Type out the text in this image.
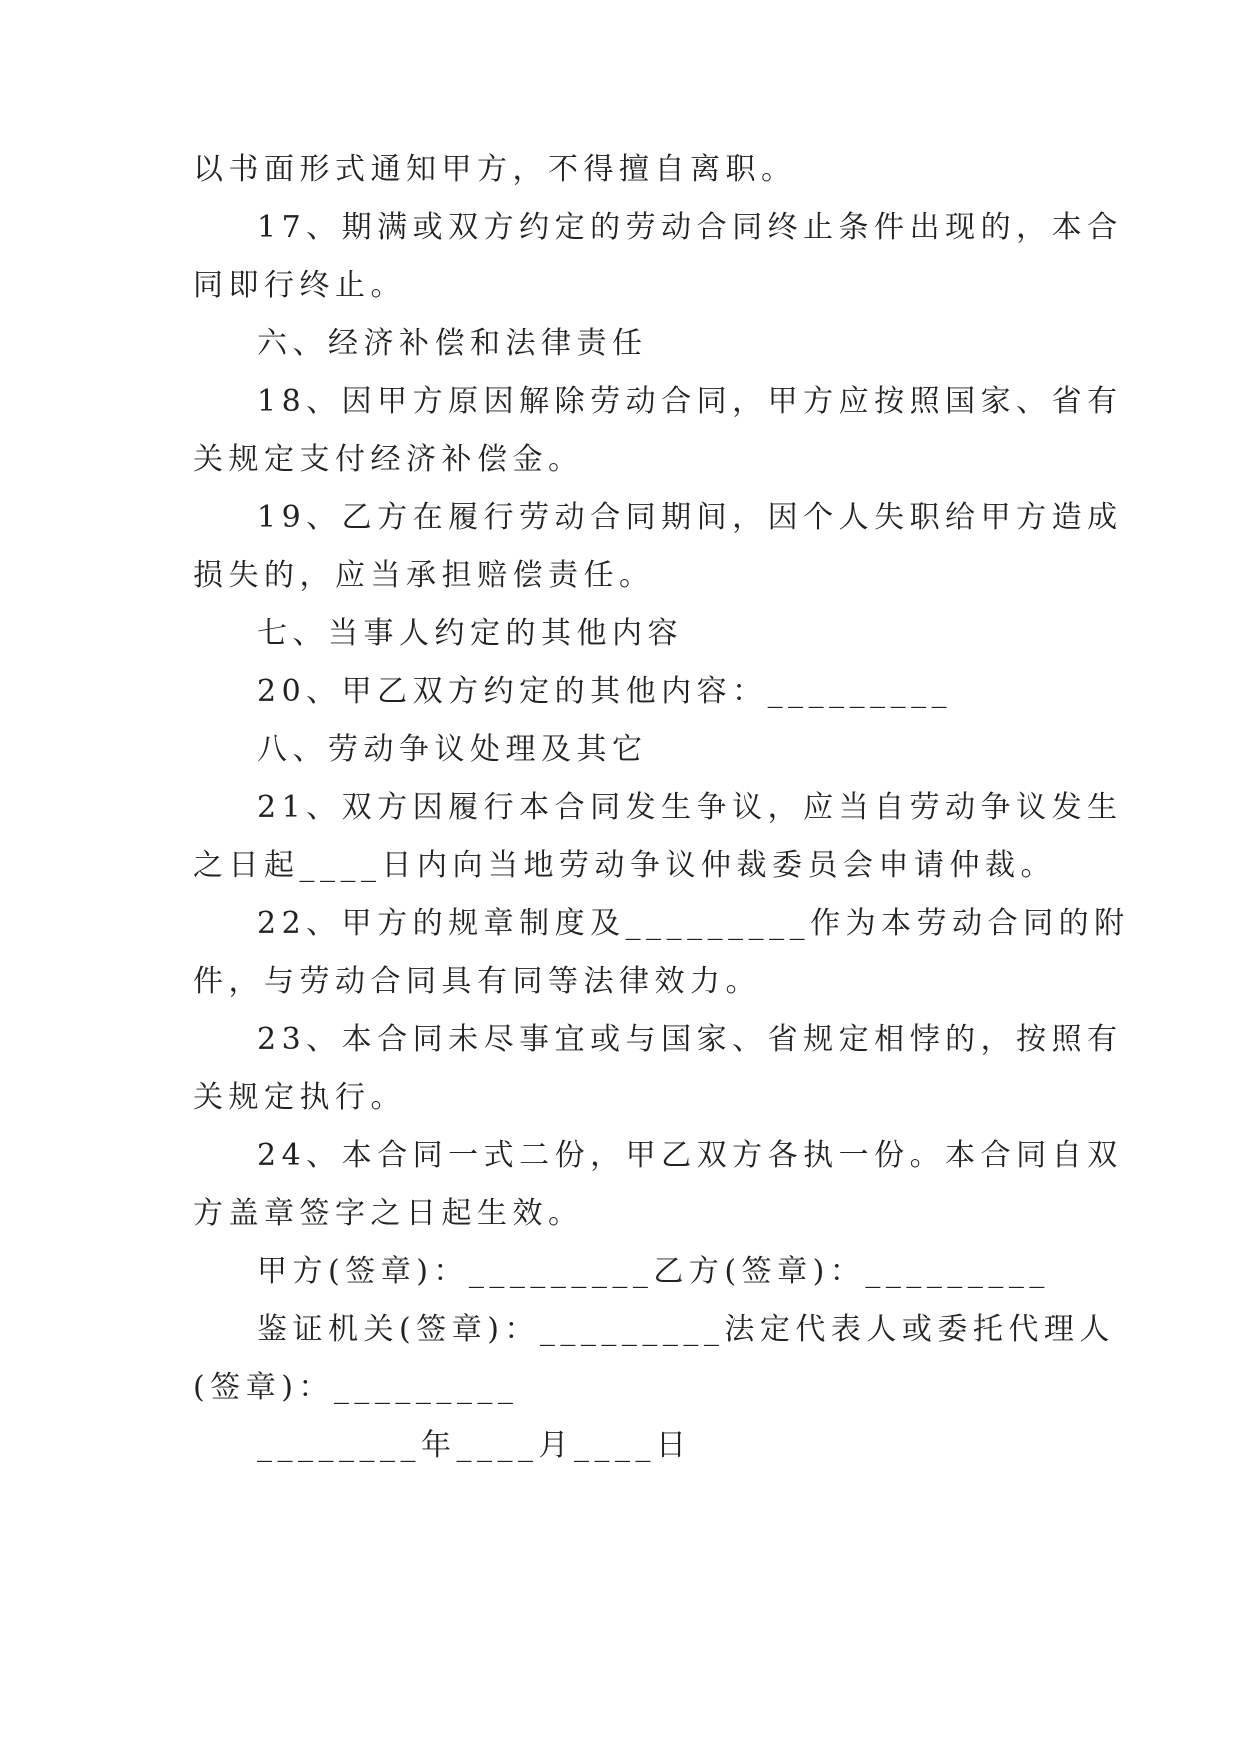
以书面形式通知甲方，不得擅自离职。
17、期满或双方约定的劳动合同终止条件出现的，本合
同即行终止。
六、经济补偿和法律责任
18、因甲方原因解除劳动合同，甲方应按照国家、省有
关规定支付经济补偿金。
19、乙方在履行劳动合同期间，因个人失职给甲方造成
损失的，应当承担赔偿责任。
七、当事人约定的其他内容
20、甲乙双方约定的其他内容：_________
八、劳动争议处理及其它
21、双方因履行本合同发生争议，应当自劳动争议发生
之日起____日内向当地劳动争议仲裁委员会申请仲裁。
22、甲方的规章制度及_________作为本劳动合同的附
件，与劳动合同具有同等法律效力。
23、本合同未尽事宜或与国家、省规定相悖的，按照有
关规定执行。
24、本合同一式二份，甲乙双方各执一份。本合同自双
方盖章签字之日起生效。
甲方(签章)：_________乙方(签章)：_________
鉴证机关(签章)：_________法定代表人或委托代理人
(签章)：_________
________年____月____日
